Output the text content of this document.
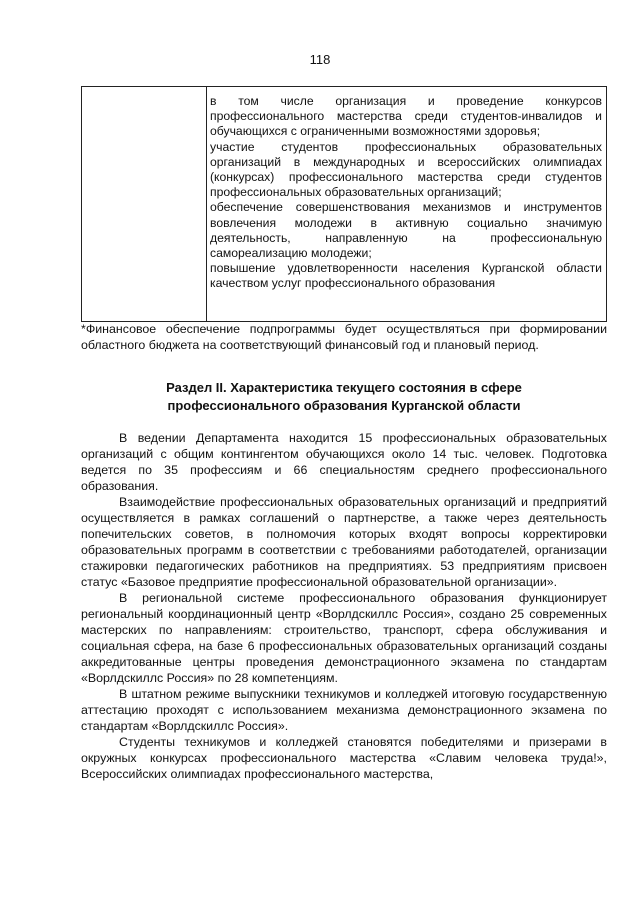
118

в том числе организация и проведение конкурсов профессионального мастерства среди студентов-инвалидов и обучающихся с ограниченными возможностями здоровья;

участие студентов профессиональных образовательных организаций в международных и всероссийских олимпиадах (конкурсах) профессионального мастерства среди студентов профессиональных образовательных организаций;

обеспечение совершенствования механизмов и инструментов вовлечения молодежи в активную социально значимую деятельность, направленную на профессиональную самореализацию молодежи;

повышение удовлетворенности населения Курганской области качеством услуг профессионального образования

*Финансовое обеспечение подпрограммы будет осуществляться при формировании областного бюджета на соответствующий финансовый год и плановый период.

Раздел II. Характеристика текущего состояния в сфере
профессионального образования Курганской области

В ведении Департамента находится 15 профессиональных образовательных организаций с общим контингентом обучающихся около 14 тыс. человек. Подготовка ведется по 35 профессиям и 66 специальностям среднего профессионального образования.

Взаимодействие профессиональных образовательных организаций и предприятий осуществляется в рамках соглашений о партнерстве, а также через деятельность попечительских советов, в полномочия которых входят вопросы корректировки образовательных программ в соответствии с требованиями работодателей, организации стажировки педагогических работников на предприятиях. 53 предприятиям присвоен статус «Базовое предприятие профессиональной образовательной организации».

В региональной системе профессионального образования функционирует региональный координационный центр «Ворлдскиллс Россия», создано 25 современных мастерских по направлениям: строительство, транспорт, сфера обслуживания и социальная сфера, на базе 6 профессиональных образовательных организаций созданы аккредитованные центры проведения демонстрационного экзамена по стандартам «Ворлдскиллс Россия» по 28 компетенциям.

В штатном режиме выпускники техникумов и колледжей итоговую государственную аттестацию проходят с использованием механизма демонстрационного экзамена по стандартам «Ворлдскиллс Россия».

Студенты техникумов и колледжей становятся победителями и призерами в окружных конкурсах профессионального мастерства «Славим человека труда!», Всероссийских олимпиадах профессионального мастерства,
